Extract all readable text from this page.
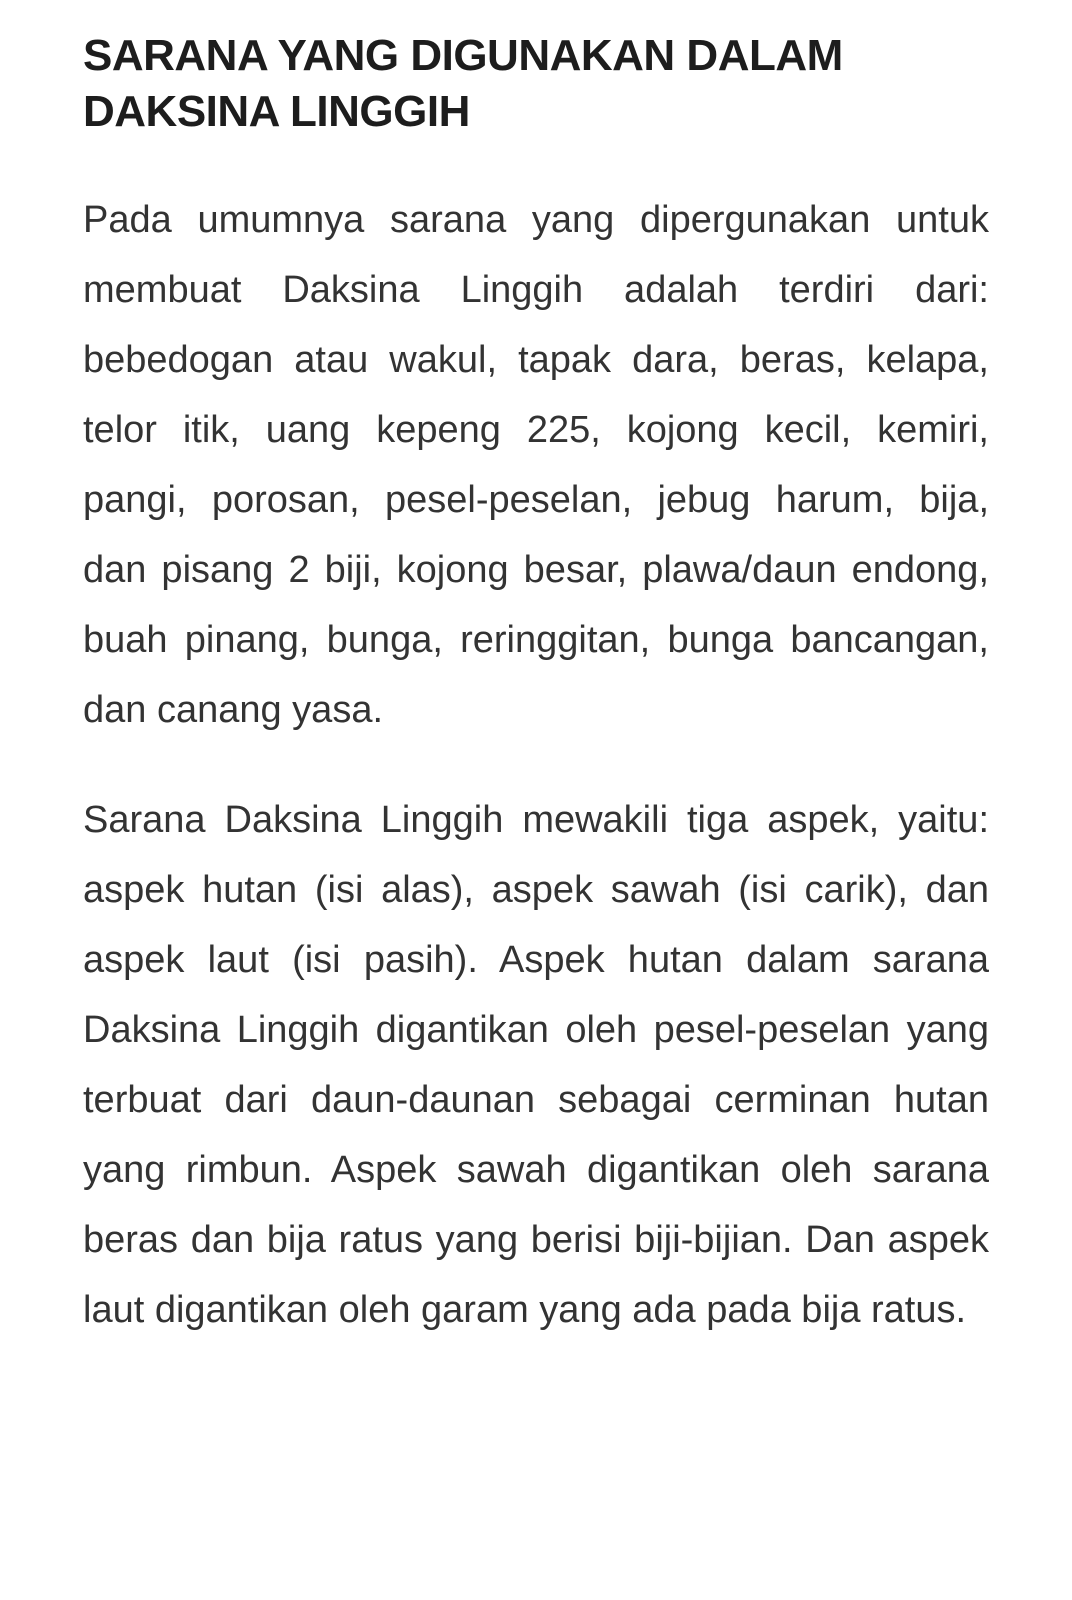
SARANA YANG DIGUNAKAN DALAM
DAKSINA LINGGIH

Pada umumnya sarana yang dipergunakan untuk membuat Daksina Linggih adalah terdiri dari: bebedogan atau wakul, tapak dara, beras, kelapa, telor itik, uang kepeng 225, kojong kecil, kemiri, pangi, porosan, pesel-peselan, jebug harum, bija, dan pisang 2 biji, kojong besar, plawa/daun endong, buah pinang, bunga, reringgitan, bunga bancangan, dan canang yasa.

Sarana Daksina Linggih mewakili tiga aspek, yaitu: aspek hutan (isi alas), aspek sawah (isi carik), dan aspek laut (isi pasih). Aspek hutan dalam sarana Daksina Linggih digantikan oleh pesel-peselan yang terbuat dari daun-daunan sebagai cerminan hutan yang rimbun. Aspek sawah digantikan oleh sarana beras dan bija ratus yang berisi biji-bijian. Dan aspek laut digantikan oleh garam yang ada pada bija ratus.
